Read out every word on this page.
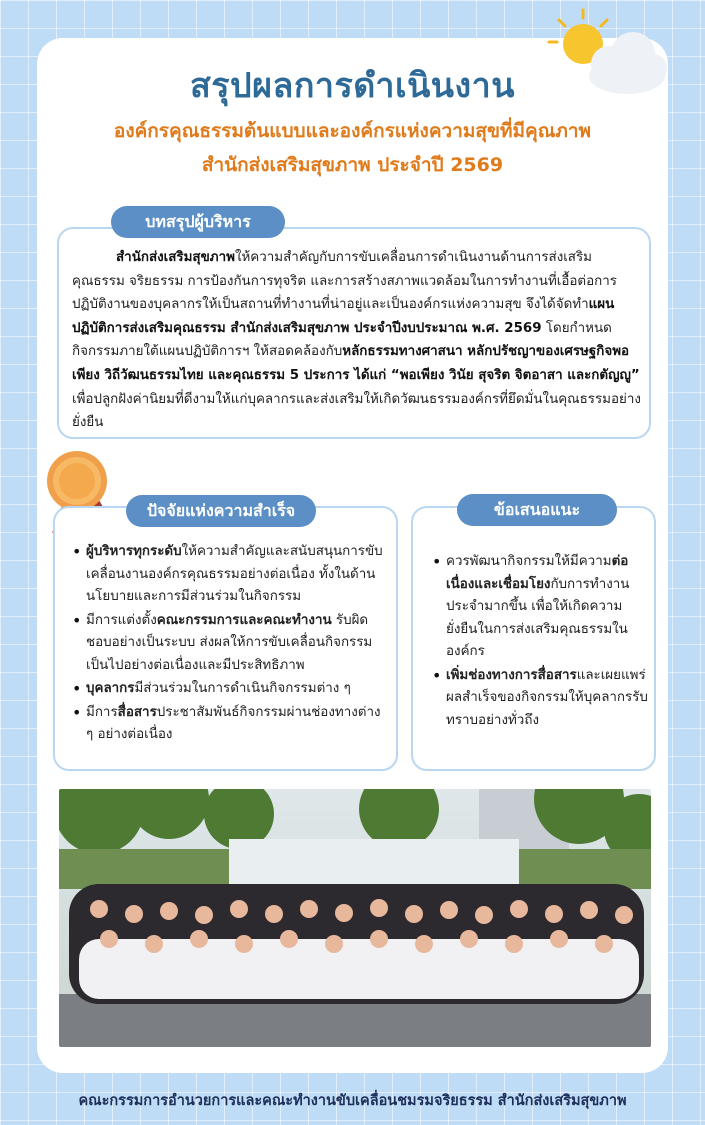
สรุปผลการดำเนินงาน
องค์กรคุณธรรมต้นแบบและองค์กรแห่งความสุขที่มีคุณภาพ
สำนักส่งเสริมสุขภาพ ประจำปี 2569
บทสรุปผู้บริหาร

สำนักส่งเสริมสุขภาพให้ความสำคัญกับการขับเคลื่อนการดำเนินงานด้านการส่งเสริมคุณธรรม จริยธรรม การป้องกันการทุจริต และการสร้างสภาพแวดล้อมในการทำงานที่เอื้อต่อการปฏิบัติงานของบุคลากรให้เป็นสถานที่ทำงานที่น่าอยู่และเป็นองค์กรแห่งความสุข จึงได้จัดทำแผนปฏิบัติการส่งเสริมคุณธรรม สำนักส่งเสริมสุขภาพ ประจำปีงบประมาณ พ.ศ. 2569 โดยกำหนดกิจกรรมภายใต้แผนปฏิบัติการฯ ให้สอดคล้องกับหลักธรรมทางศาสนา หลักปรัชญาของเศรษฐกิจพอเพียง วิถีวัฒนธรรมไทย และคุณธรรม 5 ประการ ได้แก่ “พอเพียง วินัย สุจริต จิตอาสา และกตัญญู” เพื่อปลูกฝังค่านิยมที่ดีงามให้แก่บุคลากรและส่งเสริมให้เกิดวัฒนธรรมองค์กรที่ยึดมั่นในคุณธรรมอย่างยั่งยืน

ปัจจัยแห่งความสำเร็จ
• ผู้บริหารทุกระดับให้ความสำคัญและสนับสนุนการขับเคลื่อนงานองค์กรคุณธรรมอย่างต่อเนื่อง ทั้งในด้านนโยบายและการมีส่วนร่วมในกิจกรรม
• มีการแต่งตั้งคณะกรรมการและคณะทำงาน รับผิดชอบอย่างเป็นระบบ ส่งผลให้การขับเคลื่อนกิจกรรมเป็นไปอย่างต่อเนื่องและมีประสิทธิภาพ
• บุคลากรมีส่วนร่วมในการดำเนินกิจกรรมต่าง ๆ
• มีการสื่อสารประชาสัมพันธ์กิจกรรมผ่านช่องทางต่าง ๆ อย่างต่อเนื่อง
ข้อเสนอแนะ
• ควรพัฒนากิจกรรมให้มีความต่อเนื่องและเชื่อมโยงกับการทำงานประจำมากขึ้น เพื่อให้เกิดความยั่งยืนในการส่งเสริมคุณธรรมในองค์กร
• เพิ่มช่องทางการสื่อสารและเผยแพร่ผลสำเร็จของกิจกรรมให้บุคลากรรับทราบอย่างทั่วถึง
คณะกรรมการอำนวยการและคณะทำงานขับเคลื่อนชมรมจริยธรรม สำนักส่งเสริมสุขภาพ
